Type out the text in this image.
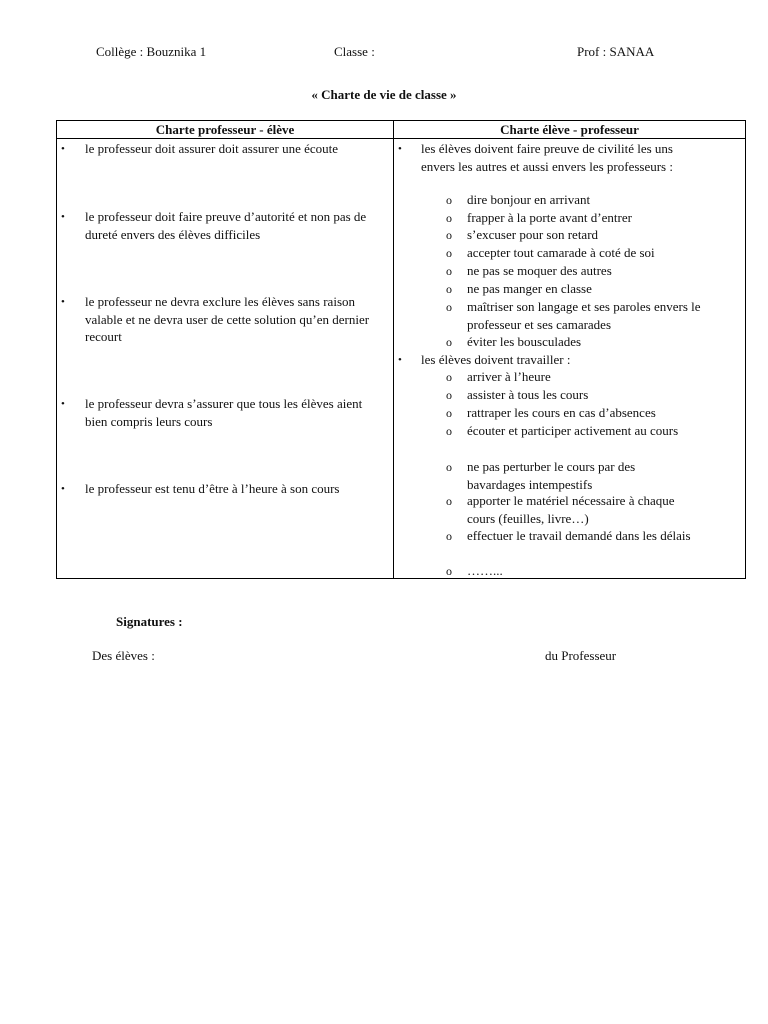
Collège : Bouznika 1	Classe :	Prof : SANAA
« Charte de vie de classe »
Charte professeur - élève
• le professeur doit assurer doit assurer une écoute
• le professeur doit faire preuve d’autorité et non pas de dureté envers des élèves difficiles
• le professeur ne devra exclure les élèves sans raison valable et ne devra user de cette solution qu’en dernier recourt
• le professeur devra s’assurer que tous les élèves aient bien compris leurs cours
• le professeur est tenu d’être à l’heure à son cours
Charte élève - professeur
• les élèves doivent faire preuve de civilité les uns envers les autres et aussi envers les professeurs :
o dire bonjour en arrivant
o frapper à la porte avant d’entrer
o s’excuser pour son retard
o accepter tout camarade à coté de soi
o ne pas se moquer des autres
o ne pas manger en classe
o maîtriser son langage et ses paroles envers le professeur et ses camarades
o éviter les bousculades
• les élèves doivent travailler :
o arriver à l’heure
o assister à tous les cours
o rattraper les cours en cas d’absences
o écouter et participer activement au cours
o ne pas perturber le cours par des bavardages intempestifs
o apporter le matériel nécessaire à chaque cours (feuilles, livre…)
o effectuer le travail demandé dans les délais
o ……...
Signatures :
Des élèves :	du Professeur
